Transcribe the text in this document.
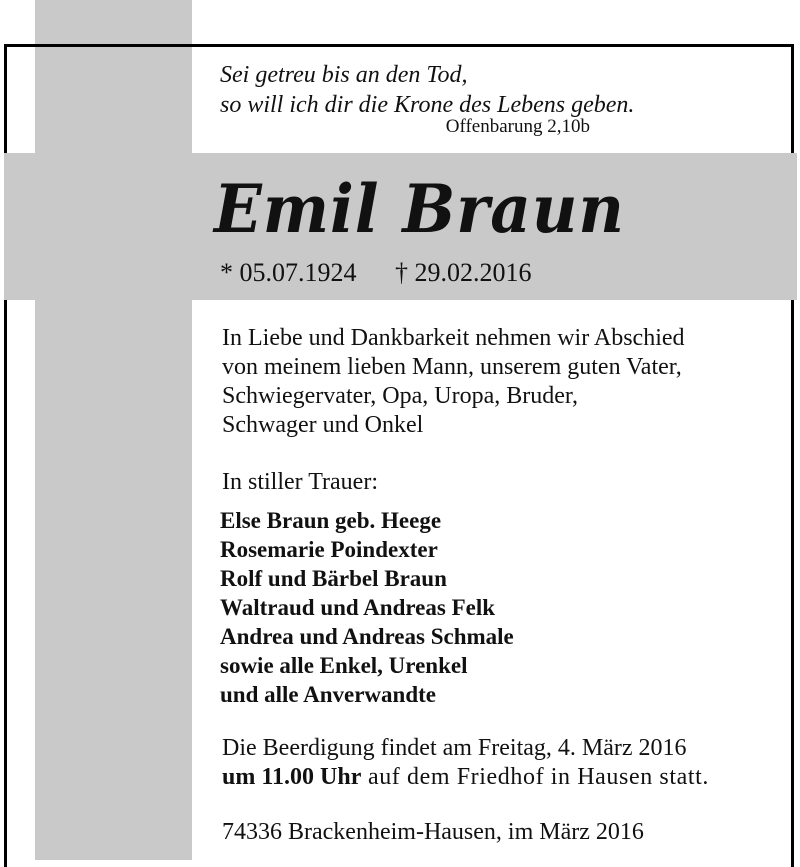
Sei getreu bis an den Tod,
so will ich dir die Krone des Lebens geben.
Offenbarung 2,10b
Emil Braun
* 05.07.1924 † 29.02.2016
In Liebe und Dankbarkeit nehmen wir Abschied
von meinem lieben Mann, unserem guten Vater,
Schwiegervater, Opa, Uropa, Bruder,
Schwager und Onkel
In stiller Trauer:
Else Braun geb. Heege
Rosemarie Poindexter
Rolf und Bärbel Braun
Waltraud und Andreas Felk
Andrea und Andreas Schmale
sowie alle Enkel, Urenkel
und alle Anverwandte
Die Beerdigung findet am Freitag, 4. März 2016
um 11.00 Uhr auf dem Friedhof in Hausen statt.
74336 Brackenheim-Hausen, im März 2016
